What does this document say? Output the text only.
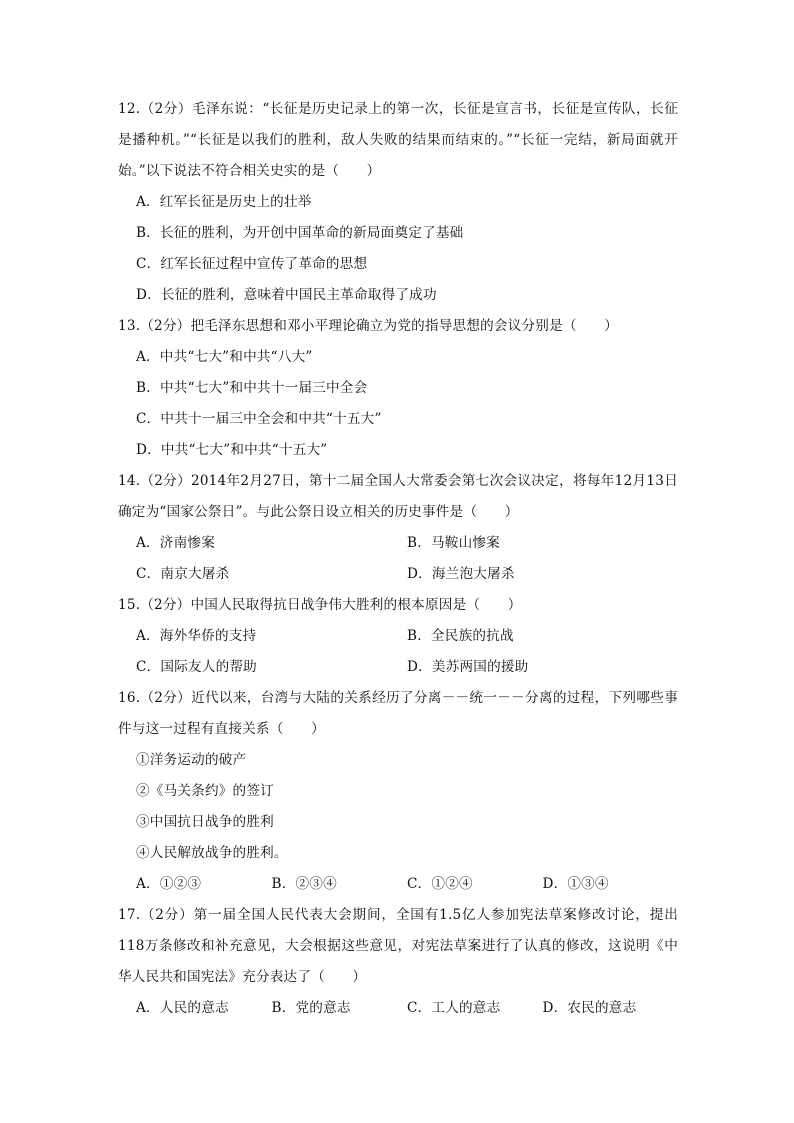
12.（2分）毛泽东说：“长征是历史记录上的第一次，长征是宣言书，长征是宣传队，长征是播种机。”“长征是以我们的胜利，敌人失败的结果而结束的。”“长征一完结，新局面就开始。”以下说法不符合相关史实的是（　　）
A．红军长征是历史上的壮举
B．长征的胜利，为开创中国革命的新局面奠定了基础
C．红军长征过程中宣传了革命的思想
D．长征的胜利，意味着中国民主革命取得了成功
13.（2分）把毛泽东思想和邓小平理论确立为党的指导思想的会议分别是（　　）
A．中共“七大”和中共“八大”
B．中共“七大”和中共十一届三中全会
C．中共十一届三中全会和中共“十五大”
D．中共“七大”和中共“十五大”
14.（2分）2014年2月27日，第十二届全国人大常委会第七次会议决定，将每年12月13日确定为“国家公祭日”。与此公祭日设立相关的历史事件是（　　）
A．济南惨案	B．马鞍山惨案
C．南京大屠杀	D．海兰泡大屠杀
15.（2分）中国人民取得抗日战争伟大胜利的根本原因是（　　）
A．海外华侨的支持	B．全民族的抗战
C．国际友人的帮助	D．美苏两国的援助
16.（2分）近代以来，台湾与大陆的关系经历了分离－－统一－－分离的过程，下列哪些事件与这一过程有直接关系（　　）
①洋务运动的破产
②《马关条约》的签订
③中国抗日战争的胜利
④人民解放战争的胜利。
A．①②③	B．②③④	C．①②④	D．①③④
17.（2分）第一届全国人民代表大会期间，全国有1.5亿人参加宪法草案修改讨论，提出118万条修改和补充意见，大会根据这些意见，对宪法草案进行了认真的修改，这说明《中华人民共和国宪法》充分表达了（　　）
A．人民的意志	B．党的意志	C．工人的意志	D．农民的意志
